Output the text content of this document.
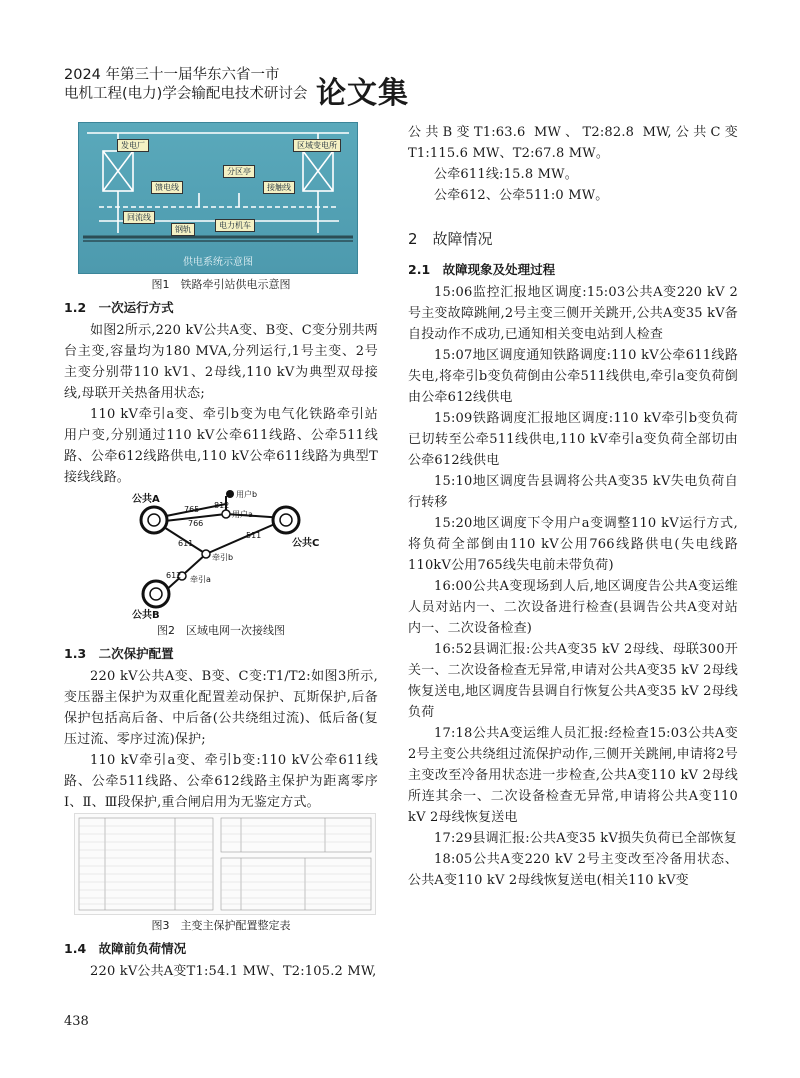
2024 年第三十一届华东六省一市
电机工程(电力)学会输配电技术研讨会 论文集
发电厂	区域变电所
分区亭
馈电线	接触线
回流线
钢轨	电力机车
供电系统示意图
图1　铁路牵引站供电示意图
1.2　一次运行方式

如图2所示,220 kV公共A变、B变、C变分别共两台主变,容量均为180 MVA,分列运行,1号主变、2号主变分别带110 kV1、2母线,110 kV为典型双母接线,母联开关热备用状态;

110 kV牵引a变、牵引b变为电气化铁路牵引站用户变,分别通过110 kV公牵611线路、公牵511线路、公牵612线路供电,110 kV公牵611线路为典型T接线线路。

公共A
公共C
公共B
用户b
用户a
牵引b
牵引a
765
766
812
611
511
612
图2　区域电网一次接线图
1.3　二次保护配置

220 kV公共A变、B变、C变:T1/T2:如图3所示,变压器主保护为双重化配置差动保护、瓦斯保护,后备保护包括高后备、中后备(公共绕组过流)、低后备(复压过流、零序过流)保护;

110 kV牵引a变、牵引b变:110 kV公牵611线路、公牵511线路、公牵612线路主保护为距离零序Ⅰ、Ⅱ、Ⅲ段保护,重合闸启用为无鉴定方式。

图3　主变主保护配置整定表
1.4　故障前负荷情况

220 kV公共A变T1:54.1 MW、T2:105.2 MW,

公共B变T1:63.6 MW、T2:82.8 MW,公共C变T1:115.6 MW、T2:67.8 MW。

公牵611线:15.8 MW。

公牵612、公牵511:0 MW。

2　故障情况
2.1　故障现象及处理过程

15:06监控汇报地区调度:15:03公共A变220 kV 2号主变故障跳闸,2号主变三侧开关跳开,公共A变35 kV备自投动作不成功,已通知相关变电站到人检查

15:07地区调度通知铁路调度:110 kV公牵611线路失电,将牵引b变负荷倒由公牵511线供电,牵引a变负荷倒由公牵612线供电

15:09铁路调度汇报地区调度:110 kV牵引b变负荷已切转至公牵511线供电,110 kV牵引a变负荷全部切由公牵612线供电

15:10地区调度告县调将公共A变35 kV失电负荷自行转移

15:20地区调度下令用户a变调整110 kV运行方式,将负荷全部倒由110 kV公用766线路供电(失电线路110kV公用765线失电前未带负荷)

16:00公共A变现场到人后,地区调度告公共A变运维人员对站内一、二次设备进行检查(县调告公共A变对站内一、二次设备检查)

16:52县调汇报:公共A变35 kV 2母线、母联300开关一、二次设备检查无异常,申请对公共A变35 kV 2母线恢复送电,地区调度告县调自行恢复公共A变35 kV 2母线负荷

17:18公共A变运维人员汇报:经检查15:03公共A变2号主变公共绕组过流保护动作,三侧开关跳闸,申请将2号主变改至冷备用状态进一步检查,公共A变110 kV 2母线所连其余一、二次设备检查无异常,申请将公共A变110 kV 2母线恢复送电

17:29县调汇报:公共A变35 kV损失负荷已全部恢复

18:05公共A变220 kV 2号主变改至冷备用状态、公共A变110 kV 2母线恢复送电(相关110 kV变

438
